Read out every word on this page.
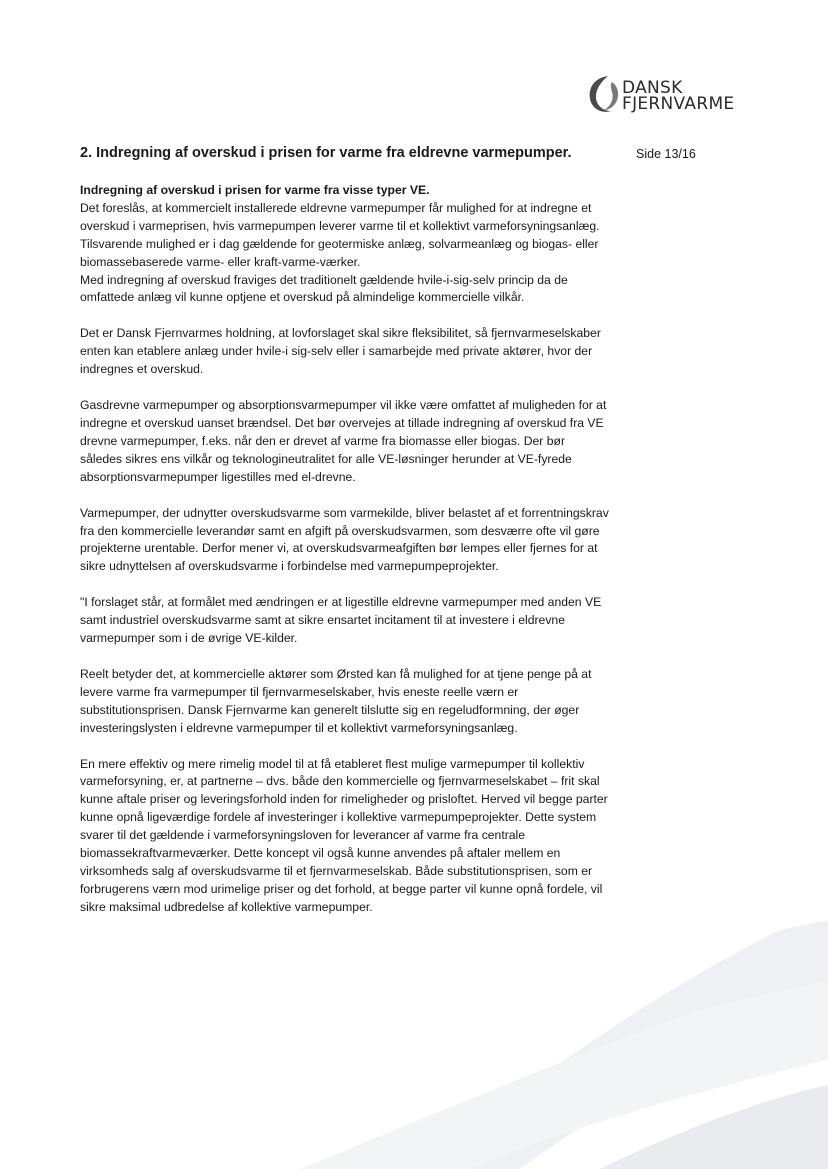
DANSK
FJERNVARME
2. Indregning af overskud i prisen for varme fra eldrevne varmepumper.	Side 13/16

Indregning af overskud i prisen for varme fra visse typer VE.

Det foreslås, at kommercielt installerede eldrevne varmepumper får mulighed for at indregne et overskud i varmeprisen, hvis varmepumpen leverer varme til et kollektivt varmeforsyningsanlæg. Tilsvarende mulighed er i dag gældende for geotermiske anlæg, solvarmeanlæg og biogas- eller biomassebaserede varme- eller kraft-varme-værker.

Med indregning af overskud fraviges det traditionelt gældende hvile-i-sig-selv princip da de omfattede anlæg vil kunne optjene et overskud på almindelige kommercielle vilkår.

Det er Dansk Fjernvarmes holdning, at lovforslaget skal sikre fleksibilitet, så fjernvarmeselskaber enten kan etablere anlæg under hvile-i sig-selv eller i samarbejde med private aktører, hvor der indregnes et overskud.

Gasdrevne varmepumper og absorptionsvarmepumper vil ikke være omfattet af muligheden for at indregne et overskud uanset brændsel. Det bør overvejes at tillade indregning af overskud fra VE drevne varmepumper, f.eks. når den er drevet af varme fra biomasse eller biogas. Der bør således sikres ens vilkår og teknologineutralitet for alle VE-løsninger herunder at VE-fyrede absorptionsvarmepumper ligestilles med el-drevne.

Varmepumper, der udnytter overskudsvarme som varmekilde, bliver belastet af et forrentningskrav fra den kommercielle leverandør samt en afgift på overskudsvarmen, som desværre ofte vil gøre projekterne urentable. Derfor mener vi, at overskudsvarmeafgiften bør lempes eller fjernes for at sikre udnyttelsen af overskudsvarme i forbindelse med varmepumpeprojekter.

"I forslaget står, at formålet med ændringen er at ligestille eldrevne varmepumper med anden VE samt industriel overskudsvarme samt at sikre ensartet incitament til at investere i eldrevne varmepumper som i de øvrige VE-kilder.

Reelt betyder det, at kommercielle aktører som Ørsted kan få mulighed for at tjene penge på at levere varme fra varmepumper til fjernvarmeselskaber, hvis eneste reelle værn er substitutionsprisen. Dansk Fjernvarme kan generelt tilslutte sig en regeludformning, der øger investeringslysten i eldrevne varmepumper til et kollektivt varmeforsyningsanlæg.

En mere effektiv og mere rimelig model til at få etableret flest mulige varmepumper til kollektiv varmeforsyning, er, at partnerne – dvs. både den kommercielle og fjernvarmeselskabet – frit skal kunne aftale priser og leveringsforhold inden for rimeligheder og prisloftet. Herved vil begge parter kunne opnå ligeværdige fordele af investeringer i kollektive varmepumpeprojekter. Dette system svarer til det gældende i varmeforsyningsloven for leverancer af varme fra centrale biomassekraftvarmeværker. Dette koncept vil også kunne anvendes på aftaler mellem en virksomheds salg af overskudsvarme til et fjernvarmeselskab. Både substitutionsprisen, som er forbrugerens værn mod urimelige priser og det forhold, at begge parter vil kunne opnå fordele, vil sikre maksimal udbredelse af kollektive varmepumper.
